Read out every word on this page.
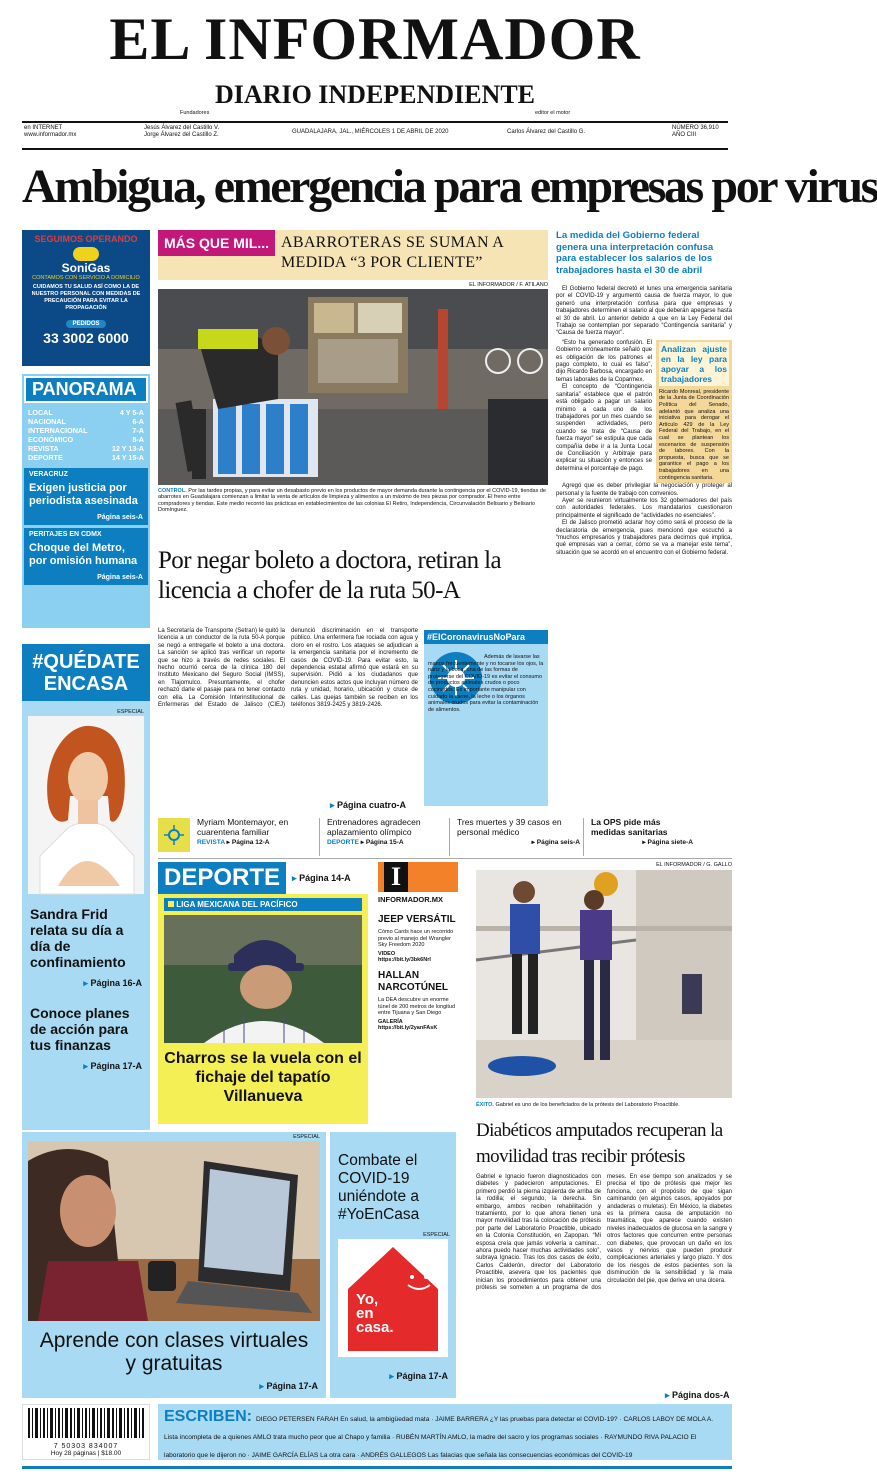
EL INFORMADOR
Fundadores
DIARIO INDEPENDIENTE
editor el motor
en INTERNET
www.informador.mx
Jesús Álvarez del Castillo V.
Jorge Álvarez del Castillo Z.
GUADALAJARA, JAL., MIÉRCOLES 1 DE ABRIL DE 2020	Carlos Álvarez del Castillo G.
NÚMERO 36,910
AÑO CIII
Ambigua, emergencia para empresas por virus
SEGUIMOS OPERANDO
SoniGas
CONTAMOS CON SERVICIO A DOMICILIO
CUIDAMOS TU SALUD ASÍ COMO LA DE NUESTRO PERSONAL CON MEDIDAS DE PRECAUCIÓN PARA EVITAR LA PROPAGACIÓN
PEDIDOS
33 3002 6000
PANORAMA
LOCAL	4 Y 5-A
NACIONAL	6-A
INTERNACIONAL	7-A
ECONÓMICO	8-A
REVISTA	12 Y 13-A
DEPORTE	14 Y 15-A
VERACRUZ
Exigen justicia por periodista asesinada
Página seis-A
PERITAJES EN CDMX
Choque del Metro, por omisión humana
Página seis-A
#QUÉDATE
ENCASA
ESPECIAL
Sandra Frid relata su día a día de confinamiento
▸ Página 16-A
Conoce planes de acción para tus finanzas
▸ Página 17-A
MÁS QUE MIL... ABARROTERAS SE SUMAN A MEDIDA “3 POR CLIENTE”
EL INFORMADOR / F. ATILANO
CONTROL. Por las tardes propias, y para evitar un desabasto previo en los productos de mayor demanda durante la contingencia por el COVID-19, tiendas de abarrotes en Guadalajara comienzan a limitar la venta de artículos de limpieza y alimentos a un máximo de tres piezas por comprador. El freno entre compradores y tiendas. Este medio recorrió las prácticas en establecimientos de las colonias El Retiro, Independencia, Circunvalación Belisario y Belisario Domínguez.
La medida del Gobierno federal genera una interpretación confusa para establecer los salarios de los trabajadores hasta el 30 de abril

El Gobierno federal decretó el lunes una emergencia sanitaria por el COVID-19 y argumentó causa de fuerza mayor, lo que generó una interpretación confusa para que empresas y trabajadores determinen el salario al que deberán apegarse hasta el 30 de abril. Lo anterior debido a que en la Ley Federal del Trabajo se contemplan por separado “Contingencia sanitaria” y “Causa de fuerza mayor”.

“Esto ha generado confusión. El Gobierno erróneamente señaló que es obligación de los patrones el pago completo, lo cual es falso”, dijo Ricardo Barbosa, encargado en temas laborales de la Coparmex.

El concepto de “Contingencia sanitaria” establece que el patrón está obligado a pagar un salario mínimo a cada uno de los trabajadores por un mes cuando se suspenden actividades, pero cuando se trata de “Causa de fuerza mayor” se estipula que cada compañía debe ir a la Junta Local de Conciliación y Arbitraje para explicar su situación y entonces se determina el porcentaje de pago.

Analizan ajuste en la ley para apoyar a los trabajadores
Ricardo Monreal, presidente de la Junta de Coordinación Política del Senado, adelantó que analiza una iniciativa para derogar el Artículo 429 de la Ley Federal del Trabajo, en el cual se plantean los escenarios de suspensión de labores. Con la propuesta, busca que se garantice el pago a los trabajadores en una contingencia sanitaria.

Agregó que es deber privilegiar la negociación y proteger al personal y la fuente de trabajo con convenios.

Ayer se reunieron virtualmente los 32 gobernadores del país con autoridades federales. Los mandatarios cuestionaron principalmente el significado de “actividades no esenciales”.

El de Jalisco prometió aclarar hoy cómo será el proceso de la declaratoria de emergencia, pues mencionó que escuchó a “muchos empresarios y trabajadores para decirnos qué implica, qué empresas van a cerrar, cómo se va a manejar este tema”, situación que se acordó en el encuentro con el Gobierno federal.

Por negar boleto a doctora, retiran la licencia a chofer de la ruta 50-A
La Secretaría de Transporte (Setran) le quitó la licencia a un conductor de la ruta 50-A porque se negó a entregarle el boleto a una doctora. La sanción se aplicó tras verificar un reporte que se hizo a través de redes sociales. El hecho ocurrió cerca de la clínica 180 del Instituto Mexicano del Seguro Social (IMSS), en Tlajomulco. Presuntamente, el chofer rechazó darle el pasaje para no tener contacto con ella. La Comisión Interinstitucional de Enfermeras del Estado de Jalisco (CIEJ) denunció discriminación en el transporte público. Una enfermera fue rociada con agua y cloro en el rostro. Los ataques se adjudican a la emergencia sanitaria por el incremento de casos de COVID-19. Para evitar esto, la dependencia estatal afirmó que estará en su supervisión. Pidió a los ciudadanos que denuncien estos actos que incluyan número de ruta y unidad, horario, ubicación y cruce de calles. Las quejas también se reciben en los teléfonos 3819-2425 y 3819-2426.
▸ Página cuatro-A
#ElCoronavirusNoPara
Además de lavarse las manos frecuentemente y no tocarse los ojos, la nariz y la boca, una de las formas de protegerse del COVID-19 es evitar el consumo de productos animales crudos o poco cocinados. Es importante manipular con cuidado la carne, la leche o los órganos animales crudos para evitar la contaminación de alimentos.
Myriam Montemayor, en cuarentena familiar
REVISTA ▸ Página 12-A
Entrenadores agradecen aplazamiento olímpico
DEPORTE ▸ Página 15-A
Tres muertes y 39 casos en personal médico
▸ Página seis-A
La OPS pide más medidas sanitarias
▸ Página siete-A
DEPORTE	▸ Página 14-A
LIGA MEXICANA DEL PACÍFICO
Charros se la vuela con el fichaje del tapatío Villanueva
I
INFORMADOR.MX
JEEP VERSÁTIL
Cómo Cards hace un recorrido previo al manejo del Wrangler Sky Freedom 2020
VIDEO
https://bit.ly/3bk6Nrl
HALLAN NARCOTÚNEL
La DEA descubre un enorme túnel de 200 metros de longitud entre Tijuana y San Diego
GALERÍA
https://bit.ly/2yanFAsK
EL INFORMADOR / G. GALLO
ÉXITO. Gabriel es uno de los beneficiados de la prótesis del Laboratorio Proactible.
Diabéticos amputados recuperan la movilidad tras recibir prótesis
Gabriel e Ignacio fueron diagnosticados con diabetes y padecieron amputaciones. El primero perdió la pierna izquierda de arriba de la rodilla; el segundo, la derecha. Sin embargo, ambos reciben rehabilitación y tratamiento, por lo que ahora tienen una mayor movilidad tras la colocación de prótesis por parte del Laboratorio Proactible, ubicado en la Colonia Constitución, en Zapopan. “Mi esposa creía que jamás volvería a caminar... ahora puedo hacer muchas actividades solo”, subraya Ignacio. Tras los dos casos de éxito, Carlos Calderón, director del Laboratorio Proactible, asevera que los pacientes que inician los procedimientos para obtener una prótesis se someten a un programa de dos meses. En ese tiempo son analizados y se precisa el tipo de prótesis que mejor les funciona, con el propósito de que sigan caminando (en algunos casos, apoyados por andaderas o muletas). En México, la diabetes es la primera causa de amputación no traumática, que aparece cuando existen niveles inadecuados de glucosa en la sangre y otros factores que concurren entre personas con diabetes, que provocan un daño en los vasos y nervios que pueden producir complicaciones arteriales y largo plazo. Y dos de los riesgos de estos pacientes son la disminución de la sensibilidad y la mala circulación del pie, que deriva en una úlcera.
▸ Página dos-A
ESPECIAL
Aprende con clases virtuales y gratuitas
▸ Página 17-A
Combate el COVID-19 uniéndote a #YoEnCasa
ESPECIAL
Yo,
en
casa.
▸ Página 17-A
7 50303 834007
Hoy 28 páginas | $18.00
ESCRIBEN: DIEGO PETERSEN FARAH En salud, la ambigüedad mata · JAIME BARRERA ¿Y las pruebas para detectar el COVID-19? · CARLOS LABOY DE MOLA A. Lista incompleta de a quienes AMLO trata mucho peor que al Chapo y familia · RUBÉN MARTÍN AMLO, la madre del sacro y los programas sociales · RAYMUNDO RIVA PALACIO El laboratorio que le dijeron no · JAIME GARCÍA ELÍAS La otra cara · ANDRÉS GALLEGOS Las falacias que señala las consecuencias económicas del COVID-19
